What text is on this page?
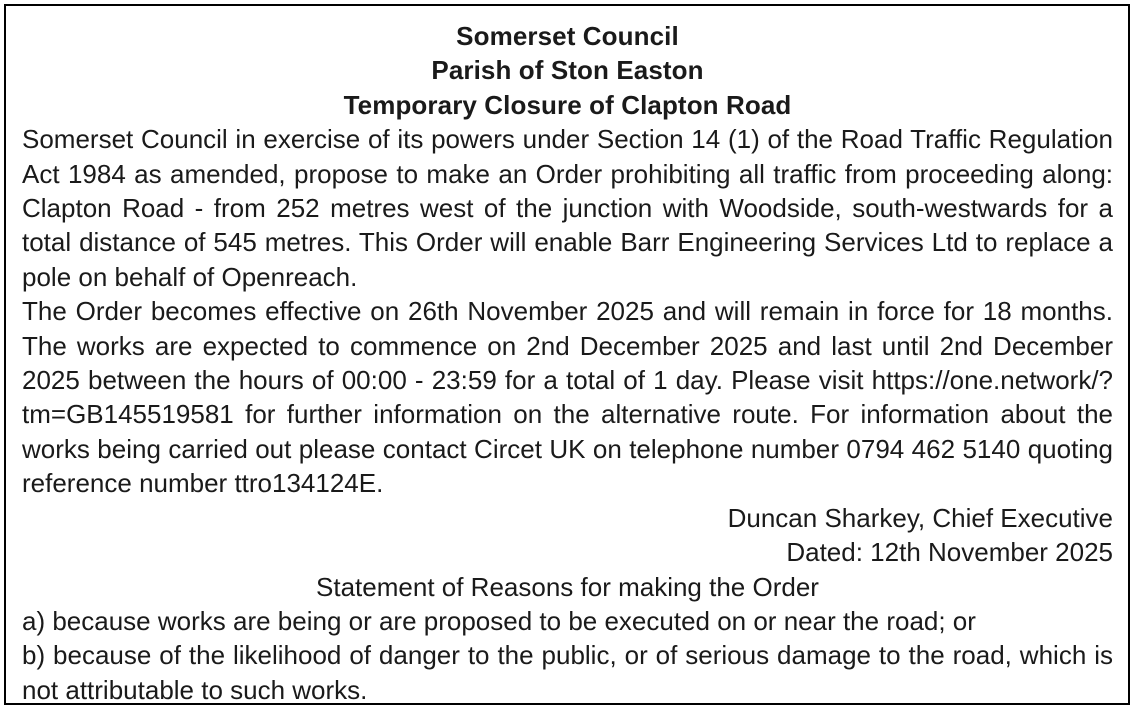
Somerset Council
Parish of Ston Easton
Temporary Closure of Clapton Road

Somerset Council in exercise of its powers under Section 14 (1) of the Road Traffic Regulation Act 1984 as amended, propose to make an Order prohibiting all traffic from proceeding along: Clapton Road - from 252 metres west of the junction with Woodside, south-westwards for a total distance of 545 metres. This Order will enable Barr Engineering Services Ltd to replace a pole on behalf of Openreach.

The Order becomes effective on 26th November 2025 and will remain in force for 18 months. The works are expected to commence on 2nd December 2025 and last until 2nd December 2025 between the hours of 00:00 - 23:59 for a total of 1 day. Please visit https://one.network/?tm=GB145519581 for further information on the alternative route. For information about the works being carried out please contact Circet UK on telephone number 0794 462 5140 quoting reference number ttro134124E.

Duncan Sharkey, Chief Executive
Dated: 12th November 2025
Statement of Reasons for making the Order

a) because works are being or are proposed to be executed on or near the road; or

b) because of the likelihood of danger to the public, or of serious damage to the road, which is not attributable to such works.
